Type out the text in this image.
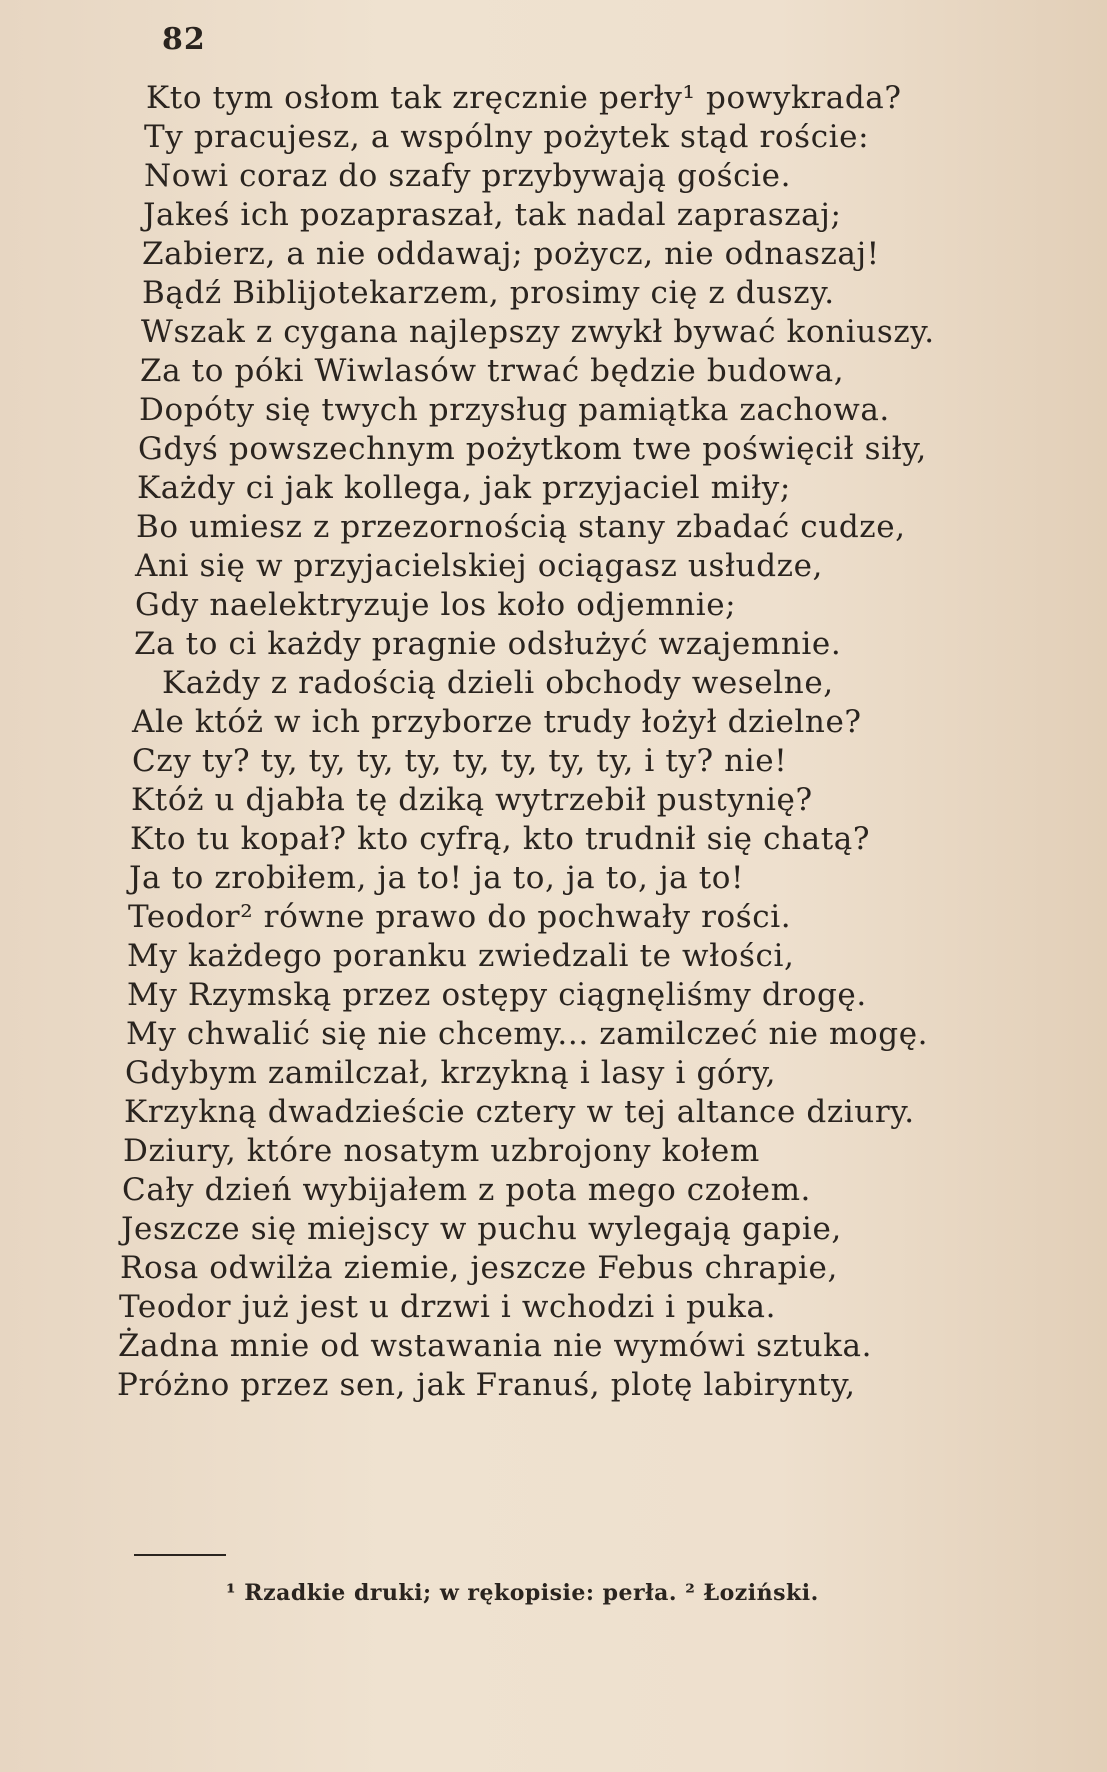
82
Kto tym osłom tak zręcznie perły¹ powykrada?
Ty pracujesz, a wspólny pożytek stąd roście:
Nowi coraz do szafy przybywają goście.
Jakeś ich pozapraszał, tak nadal zapraszaj;
Zabierz, a nie oddawaj; pożycz, nie odnaszaj!
Bądź Biblijotekarzem, prosimy cię z duszy.
Wszak z cygana najlepszy zwykł bywać koniuszy.
Za to póki Wiwlasów trwać będzie budowa,
Dopóty się twych przysług pamiątka zachowa.
Gdyś powszechnym pożytkom twe poświęcił siły,
Każdy ci jak kollega, jak przyjaciel miły;
Bo umiesz z przezornością stany zbadać cudze,
Ani się w przyjacielskiej ociągasz usłudze,
Gdy naelektryzuje los koło odjemnie;
Za to ci każdy pragnie odsłużyć wzajemnie.
Każdy z radością dzieli obchody weselne,
Ale któż w ich przyborze trudy łożył dzielne?
Czy ty? ty, ty, ty, ty, ty, ty, ty, ty, i ty? nie!
Któż u djabła tę dziką wytrzebił pustynię?
Kto tu kopał? kto cyfrą, kto trudnił się chatą?
Ja to zrobiłem, ja to! ja to, ja to, ja to!
Teodor² równe prawo do pochwały rości.
My każdego poranku zwiedzali te włości,
My Rzymską przez ostępy ciągnęliśmy drogę.
My chwalić się nie chcemy... zamilczeć nie mogę.
Gdybym zamilczał, krzykną i lasy i góry,
Krzykną dwadzieście cztery w tej altance dziury.
Dziury, które nosatym uzbrojony kołem
Cały dzień wybijałem z pota mego czołem.
Jeszcze się miejscy w puchu wylegają gapie,
Rosa odwilża ziemie, jeszcze Febus chrapie,
Teodor już jest u drzwi i wchodzi i puka.
Żadna mnie od wstawania nie wymówi sztuka.
Próżno przez sen, jak Franuś, plotę labirynty,
¹ Rzadkie druki; w rękopisie: perła. ² Łoziński.
